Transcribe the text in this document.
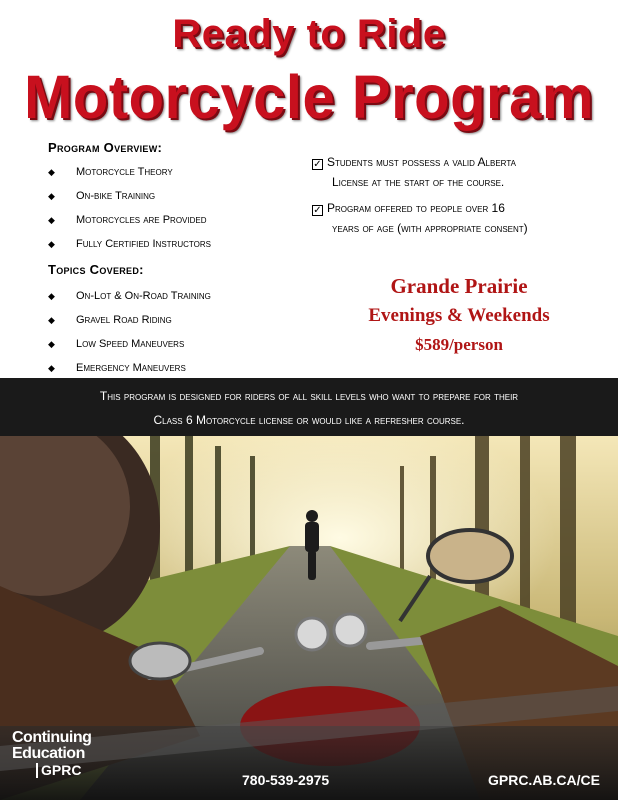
Ready to Ride
Motorcycle Program
Program Overview:
◆ Motorcycle Theory
◆ On-bike Training
◆ Motorcycles are Provided
◆ Fully Certified Instructors
Topics Covered:
◆ On-Lot & On-Road Training
◆ Gravel Road Riding
◆ Low Speed Maneuvers
◆ Emergency Maneuvers
✓ Students must possess a valid Alberta
License at the start of the course.
✓ Program offered to people over 16
years of age (with appropriate consent)
Grande Prairie
Evenings & Weekends
$589/person
This program is designed for riders of all skill levels who want to prepare for their
Class 6 Motorcycle license or would like a refresher course.
Continuing
Education
GPRC
780-539-2975	GPRC.AB.CA/CE
